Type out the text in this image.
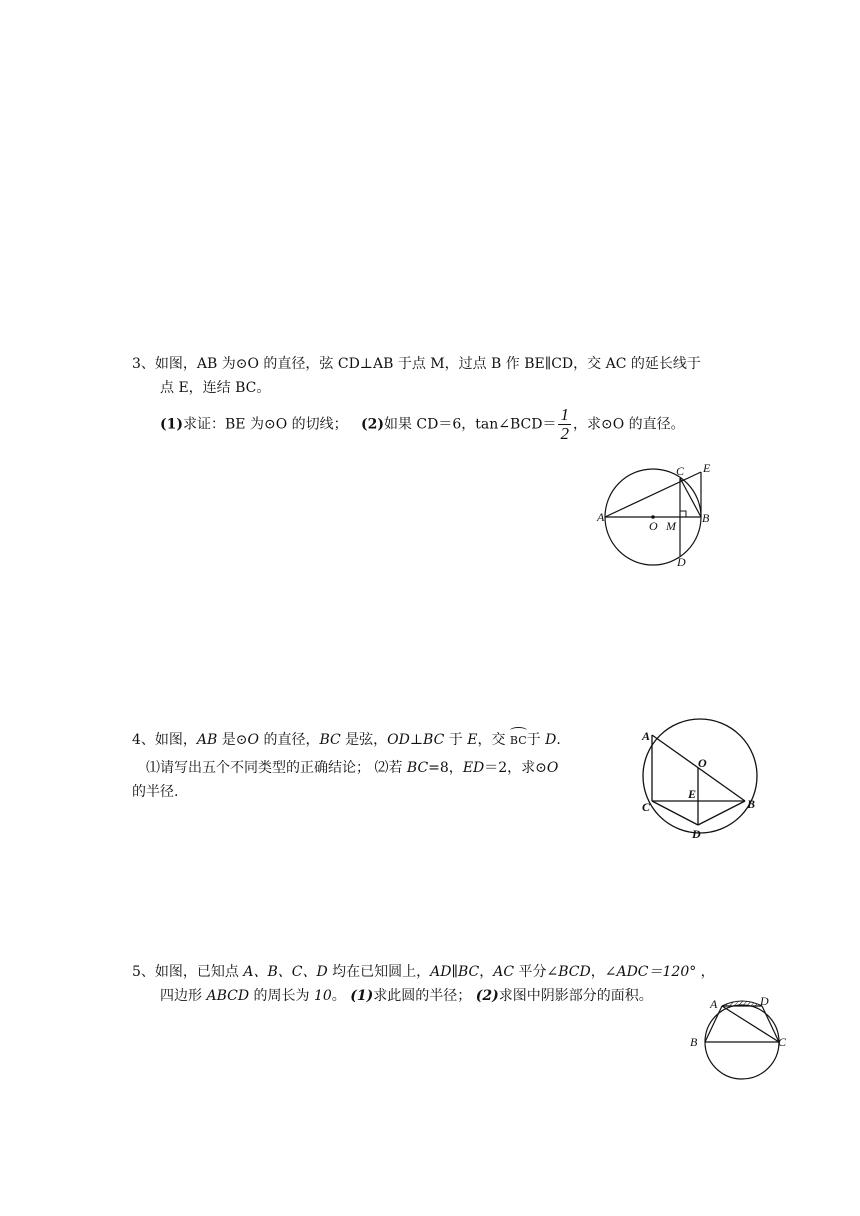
3、如图，AB 为⊙O 的直径，弦 CD⊥AB 于点 M，过点 B 作 BE∥CD，交 AC 的延长线于
点 E，连结 BC。
(1)求证：BE 为⊙O 的切线； (2)如果 CD＝6，tan∠BCD＝ $\frac{1}{2}$ ，求⊙O 的直径。
A
O M
B
C E
D
4、如图，AB 是⊙O 的直径，BC 是弦，OD⊥BC 于 E，交 BC于 D.
⑴请写出五个不同类型的正确结论； ⑵若 BC=8，ED＝2，求⊙O
的半径.
A
O
E
C	B
D
5、如图，已知点 A、B、C、D 均在已知圆上，AD∥BC，AC 平分∠BCD，∠ADC＝120° ，
四边形 ABCD 的周长为 10。 (1)求此圆的半径； (2)求图中阴影部分的面积。	A	D
B	C
